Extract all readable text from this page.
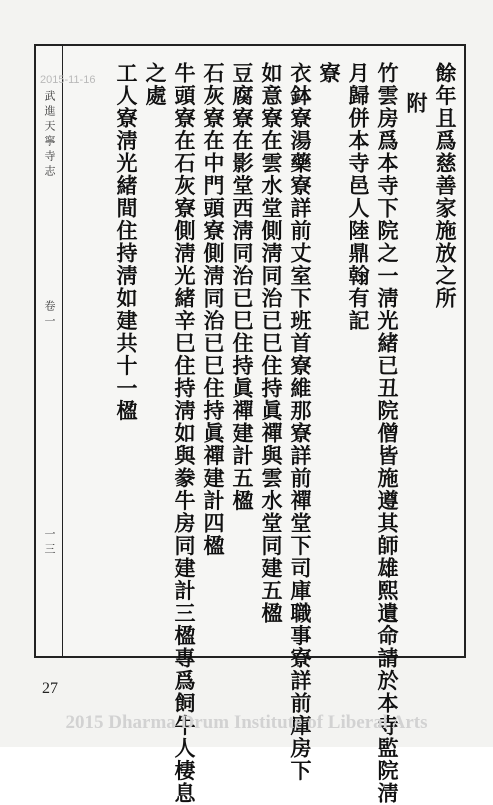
武進天寧寺志
卷一
一三
2015-11-16	餘年且爲慈善家施放之所
附
竹雲房爲本寺下院之一淸光緒已丑院僧皆施遵其師雄熙遺命請於本寺監院淸
月歸併本寺邑人陸鼎翰有記
寮
衣鉢寮湯藥寮詳前丈室下班首寮維那寮詳前禪堂下司庫職事寮詳前庫房下
如意寮在雲水堂側淸同治已巳住持眞禪與雲水堂同建五楹
豆腐寮在影堂西淸同治已巳住持眞禪建計五楹
石灰寮在中門頭寮側淸同治已巳住持眞禪建計四楹
牛頭寮在石灰寮側淸光緒辛巳住持淸如與豢牛房同建計三楹專爲飼牛人棲息
之處
工人寮淸光緒間住持淸如建共十一楹
27
2015 Dharma Drum Institute of Liberal Arts
